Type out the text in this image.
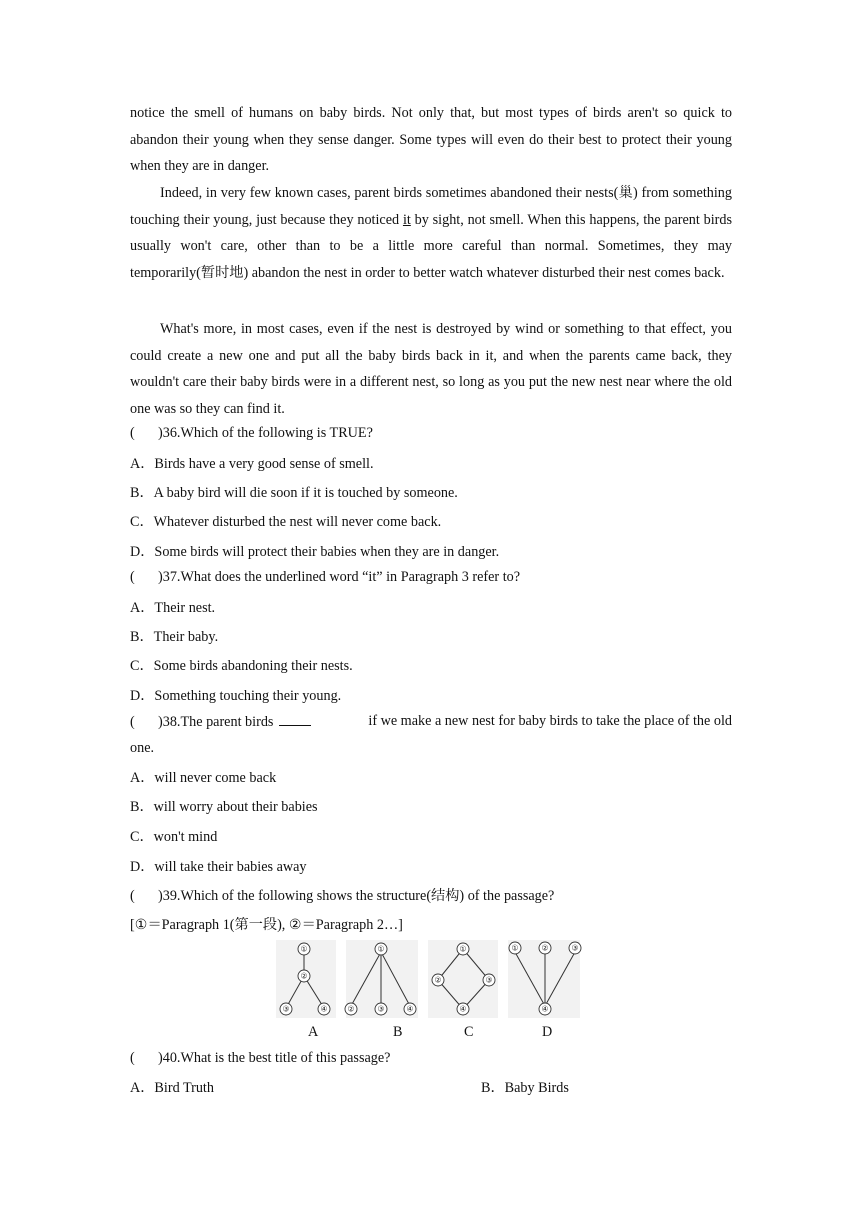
notice the smell of humans on baby birds. Not only that, but most types of birds aren't so quick to abandon their young when they sense danger. Some types will even do their best to protect their young when they are in danger.

Indeed, in very few known cases, parent birds sometimes abandoned their nests(巢) from something touching their young, just because they noticed it by sight, not smell. When this happens, the parent birds usually won't care, other than to be a little more careful than normal. Sometimes, they may temporarily(暂时地) abandon the nest in order to better watch whatever disturbed their nest comes back.

What's more, in most cases, even if the nest is destroyed by wind or something to that effect, you could create a new one and put all the baby birds back in it, and when the parents came back, they wouldn't care their baby birds were in a different nest, so long as you put the new nest near where the old one was so they can find it.

( )36.Which of the following is TRUE?
A．Birds have a very good sense of smell.
B．A baby bird will die soon if it is touched by someone.
C．Whatever disturbed the nest will never come back.
D．Some birds will protect their babies when they are in danger.
( )37.What does the underlined word “it” in Paragraph 3 refer to?
A．Their nest.
B．Their baby.
C．Some birds abandoning their nests.
D．Something touching their young.
( )38.The parent birds	if we make a new nest for baby birds to take the place of the old
one.
A．will never come back
B．will worry about their babies
C．won't mind
D．will take their babies away
( )39.Which of the following shows the structure(结构) of the passage?
[①＝Paragraph 1(第一段), ②＝Paragraph 2…]
①
②
③	④
①
②	③	④
①
②	③
④
①	②	③
④
A	B	C	D
( )40.What is the best title of this passage?
A．Bird Truth	B．Baby Birds
